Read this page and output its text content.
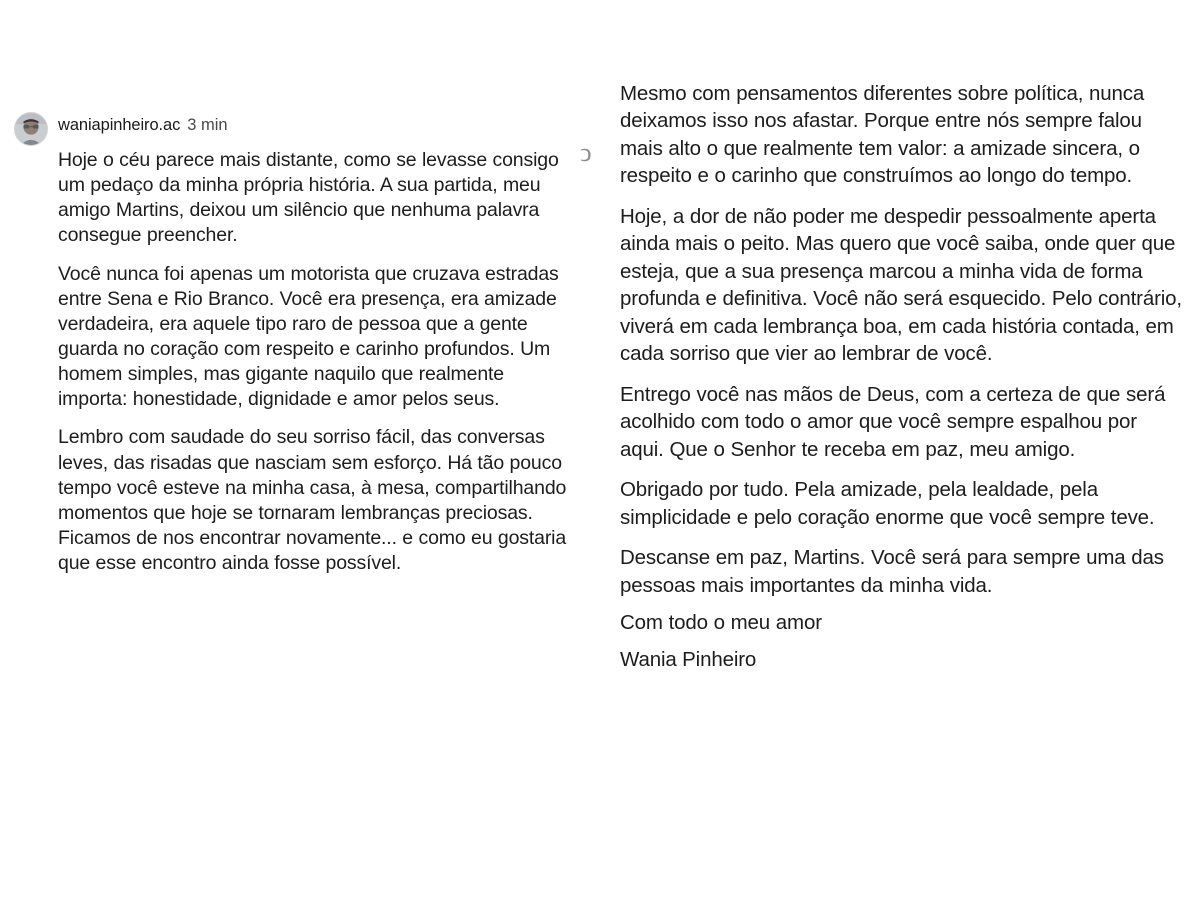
waniapinheiro.ac 3 min

Hoje o céu parece mais distante, como se levasse consigo um pedaço da minha própria história. A sua partida, meu amigo Martins, deixou um silêncio que nenhuma palavra consegue preencher.

Você nunca foi apenas um motorista que cruzava estradas entre Sena e Rio Branco. Você era presença, era amizade verdadeira, era aquele tipo raro de pessoa que a gente guarda no coração com respeito e carinho profundos. Um homem simples, mas gigante naquilo que realmente importa: honestidade, dignidade e amor pelos seus.

Lembro com saudade do seu sorriso fácil, das conversas leves, das risadas que nasciam sem esforço. Há tão pouco tempo você esteve na minha casa, à mesa, compartilhando momentos que hoje se tornaram lembranças preciosas. Ficamos de nos encontrar novamente... e como eu gostaria que esse encontro ainda fosse possível.

ↄ

Mesmo com pensamentos diferentes sobre política, nunca deixamos isso nos afastar. Porque entre nós sempre falou mais alto o que realmente tem valor: a amizade sincera, o respeito e o carinho que construímos ao longo do tempo.

Hoje, a dor de não poder me despedir pessoalmente aperta ainda mais o peito. Mas quero que você saiba, onde quer que esteja, que a sua presença marcou a minha vida de forma profunda e definitiva. Você não será esquecido. Pelo contrário, viverá em cada lembrança boa, em cada história contada, em cada sorriso que vier ao lembrar de você.

Entrego você nas mãos de Deus, com a certeza de que será acolhido com todo o amor que você sempre espalhou por aqui. Que o Senhor te receba em paz, meu amigo.

Obrigado por tudo. Pela amizade, pela lealdade, pela simplicidade e pelo coração enorme que você sempre teve.

Descanse em paz, Martins. Você será para sempre uma das pessoas mais importantes da minha vida.

Com todo o meu amor

Wania Pinheiro
